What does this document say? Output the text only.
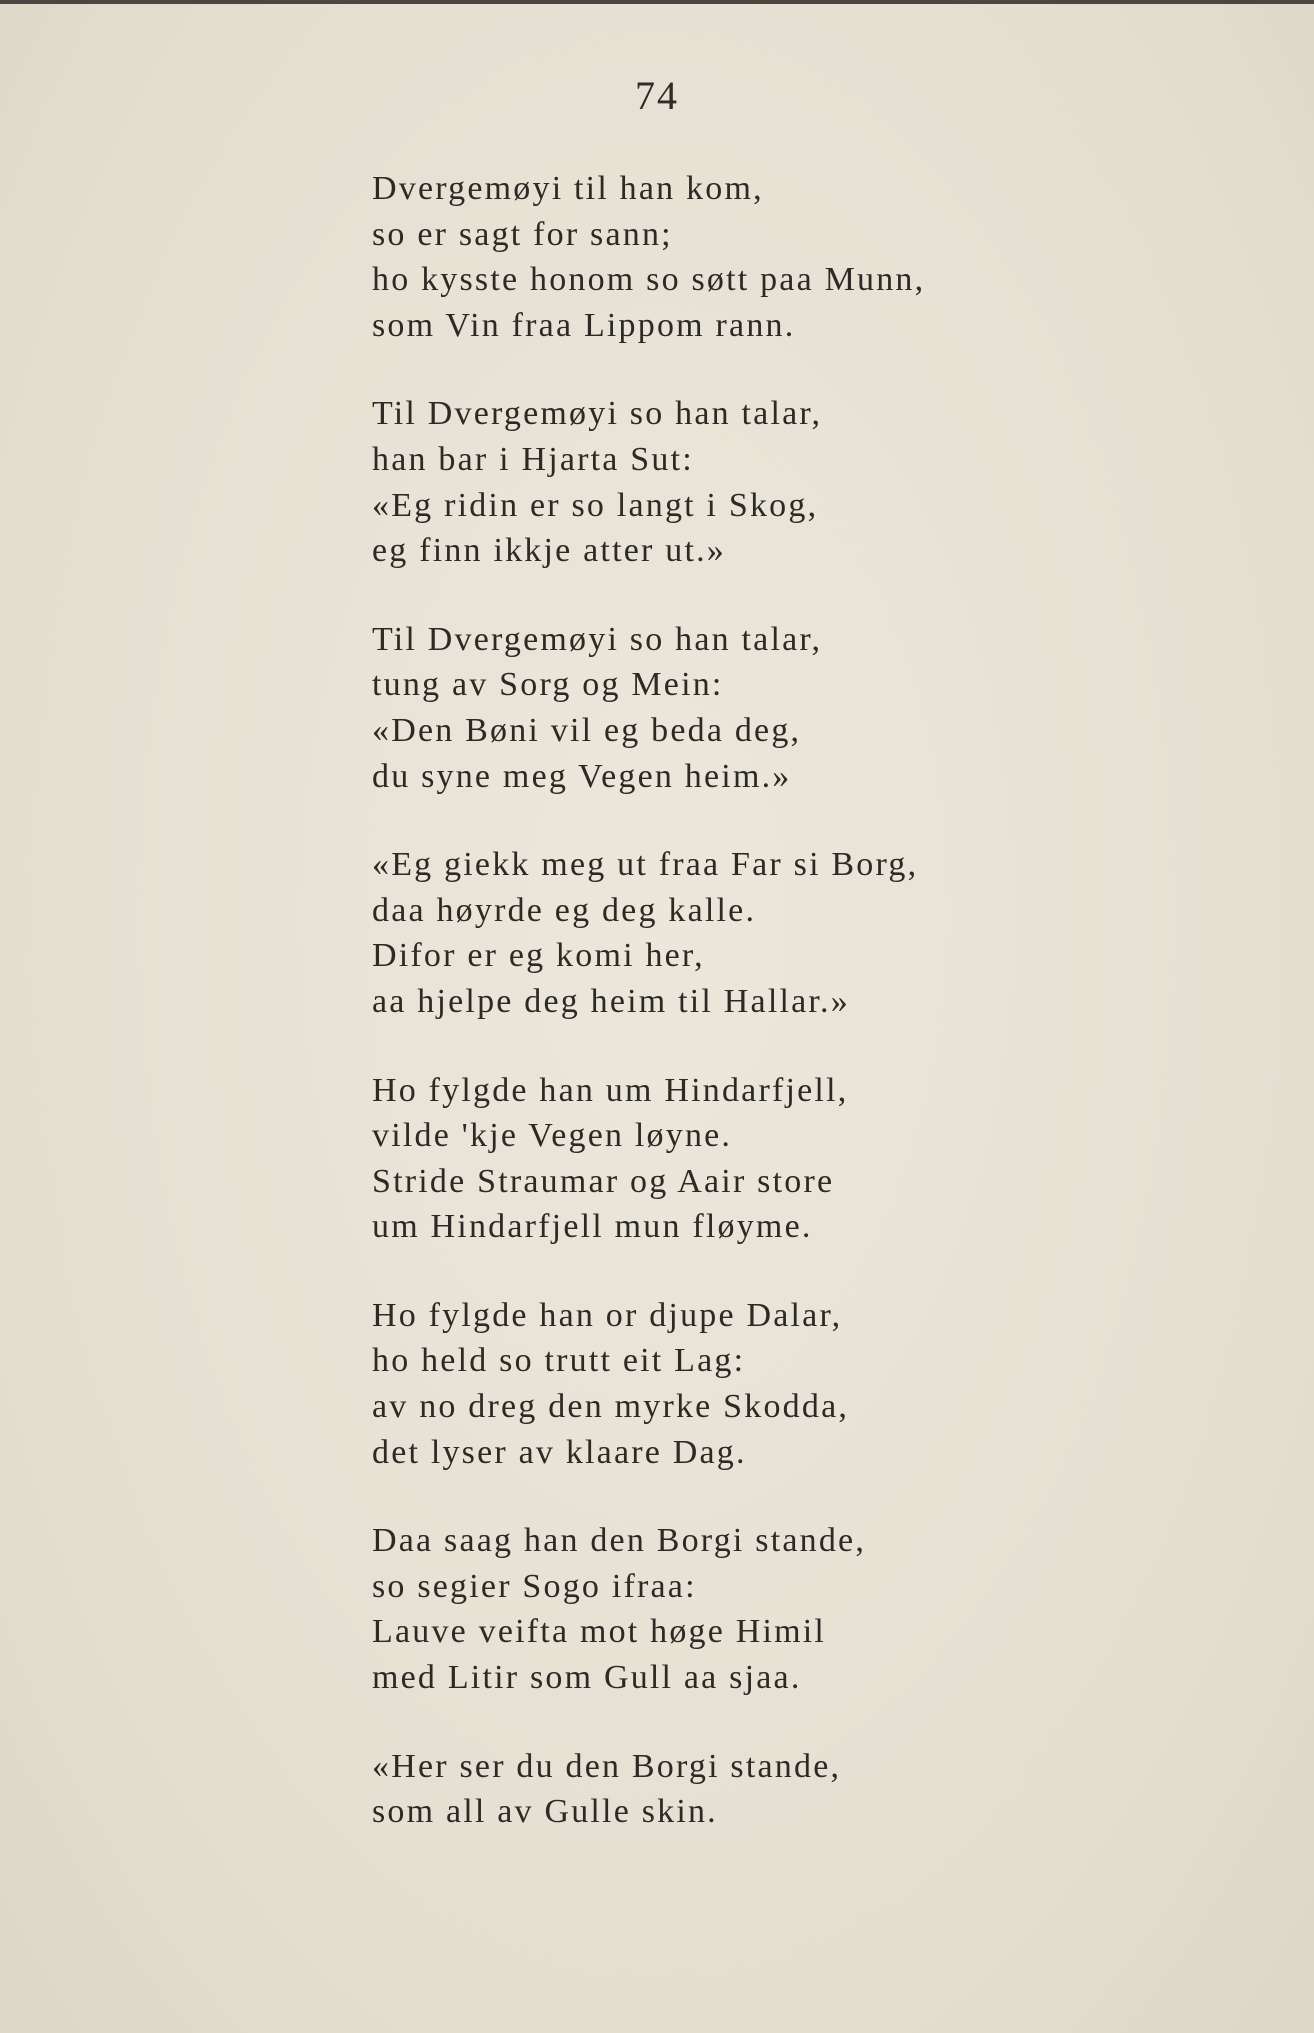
74
Dvergemøyi til han kom,
so er sagt for sann;
ho kysste honom so søtt paa Munn,
som Vin fraa Lippom rann.
Til Dvergemøyi so han talar,
han bar i Hjarta Sut:
«Eg ridin er so langt i Skog,
eg finn ikkje atter ut.»
Til Dvergemøyi so han talar,
tung av Sorg og Mein:
«Den Bøni vil eg beda deg,
du syne meg Vegen heim.»
«Eg giekk meg ut fraa Far si Borg,
daa høyrde eg deg kalle.
Difor er eg komi her,
aa hjelpe deg heim til Hallar.»
Ho fylgde han um Hindarfjell,
vilde 'kje Vegen løyne.
Stride Straumar og Aair store
um Hindarfjell mun fløyme.
Ho fylgde han or djupe Dalar,
ho held so trutt eit Lag:
av no dreg den myrke Skodda,
det lyser av klaare Dag.
Daa saag han den Borgi stande,
so segier Sogo ifraa:
Lauve veifta mot høge Himil
med Litir som Gull aa sjaa.
«Her ser du den Borgi stande,
som all av Gulle skin.
